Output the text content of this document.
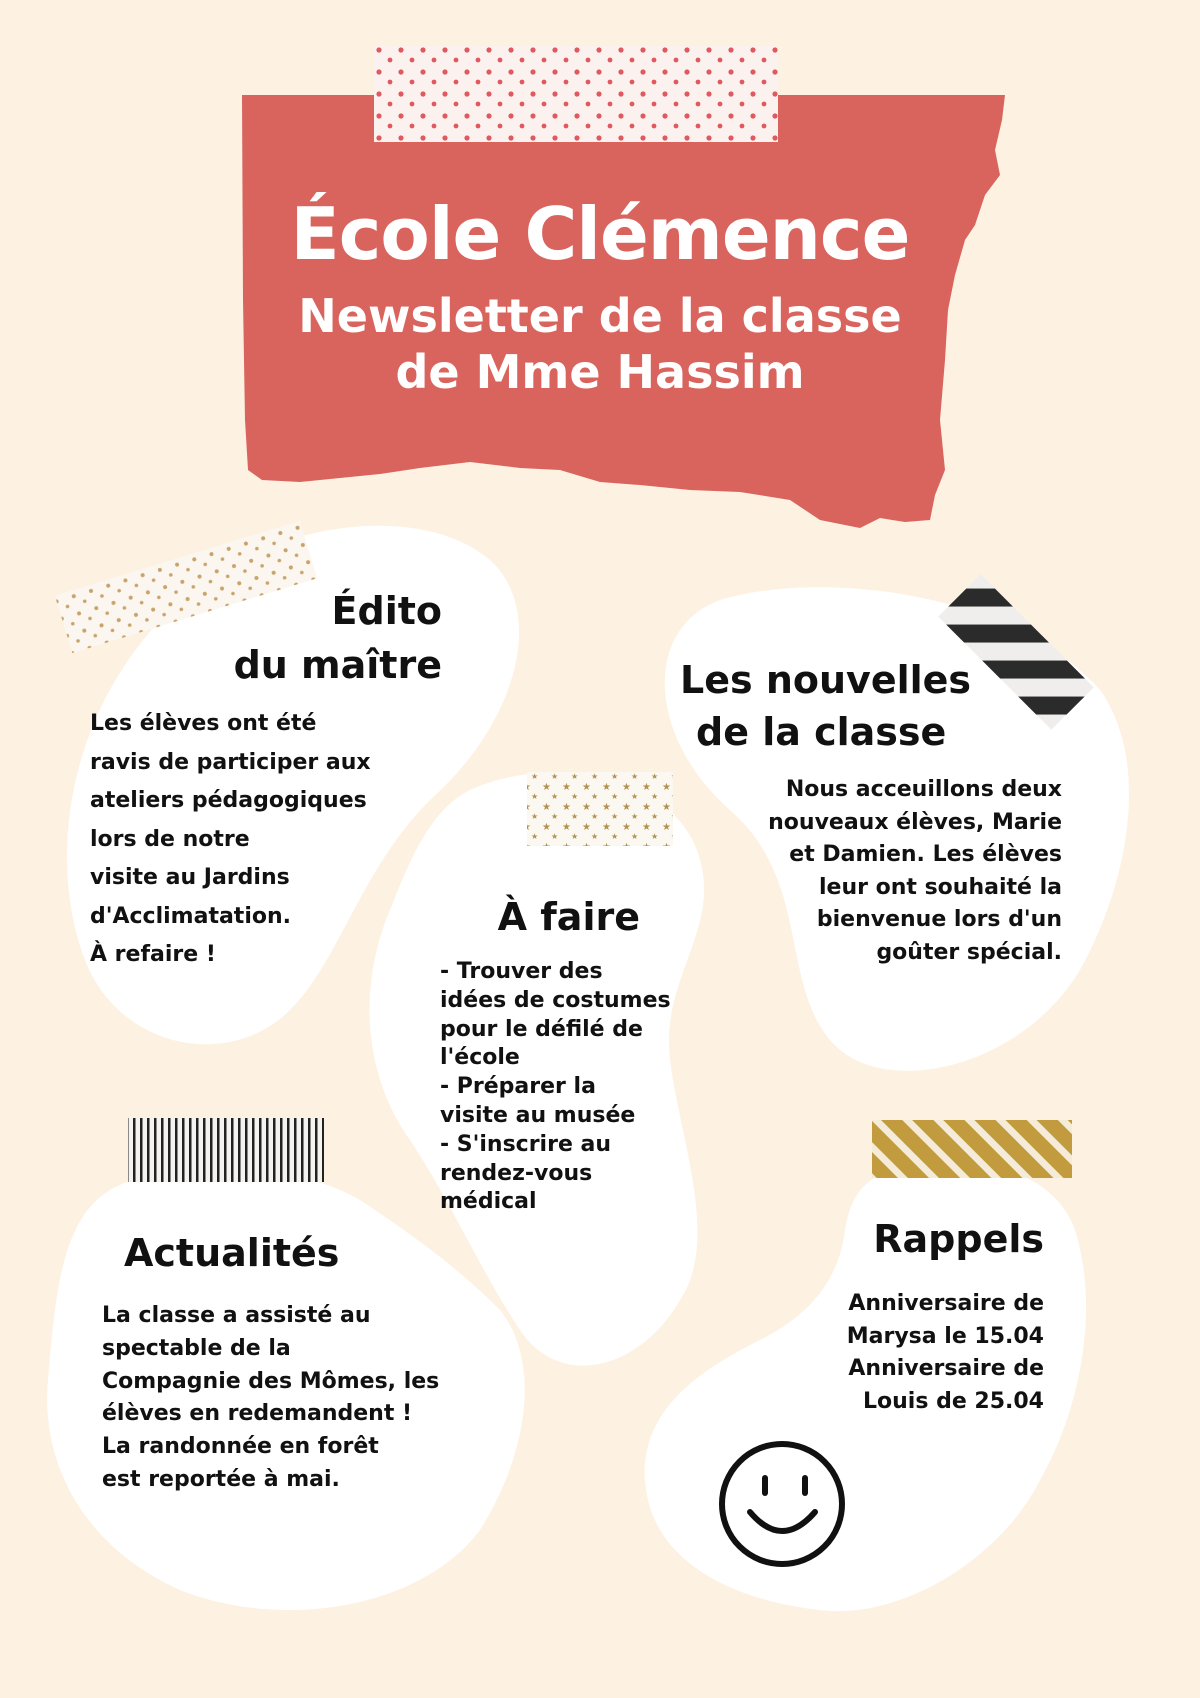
École Clémence
Newsletter de la classe
de Mme Hassim
Édito
du maître
Les élèves ont été
ravis de participer aux
ateliers pédagogiques
lors de notre
visite au Jardins
d'Acclimatation.
À refaire !
Les nouvelles
de la classe
Nous acceuillons deux
nouveaux élèves, Marie
et Damien. Les élèves
leur ont souhaité la
bienvenue lors d'un
goûter spécial.
À faire
- Trouver des
idées de costumes
pour le défilé de
l'école
- Préparer la
visite au musée
- S'inscrire au
rendez-vous
médical
Actualités
La classe a assisté au
spectable de la
Compagnie des Mômes, les
élèves en redemandent !
La randonnée en forêt
est reportée à mai.
Rappels
Anniversaire de
Marysa le 15.04
Anniversaire de
Louis de 25.04
